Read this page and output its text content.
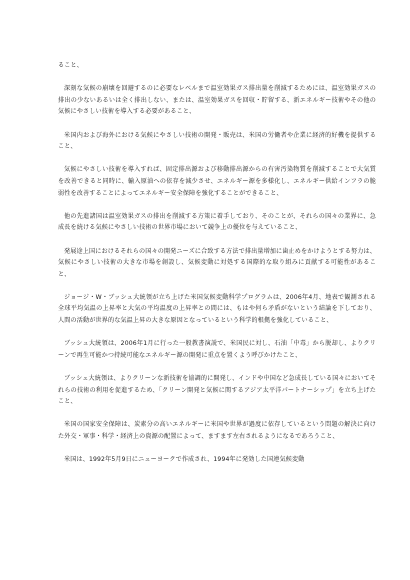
ること、

深刻な気候の崩壊を回避するのに必要なレベルまで温室効果ガス排出量を削減するためには、温室効果ガスの排出の少ないあるいは全く排出しない、または、温室効果ガスを回収・貯留する、新エネルギー技術やその他の気候にやさしい技術を導入する必要があること、

米国内および海外における気候にやさしい技術の開発・販売は、米国の労働者や企業に経済的好機を提供すること、

気候にやさしい技術を導入すれば、固定排出源および移動排出源からの有害汚染物質を削減することで大気質を改善できると同時に、輸入原油への依存を減少させ、エネルギー源を多様化し、エネルギー供給インフラの脆弱性を改善することによってエネルギー安全保障を強化することができること、

他の先進諸国は温室効果ガスの排出を削減する方策に着手しており、そのことが、それらの国々の業界に、急成長を続ける気候にやさしい技術の世界市場において競争上の優位を与えていること、

発展途上国におけるそれらの国々の開発ニーズに合致する方法で排出量増加に歯止めをかけようとする努力は、気候にやさしい技術の大きな市場を創設し、気候変動に対処する国際的な取り組みに貢献する可能性があること、

ジョージ・W・ブッシュ大統領が立ち上げた米国気候変動科学プログラムは、2006年4月、地表で観測される全球平均気温の上昇率と大気の平均温度の上昇率との間には、もはや何ら矛盾がないという結論を下しており、人間の活動が世界的な気温上昇の大きな原因となっているという科学的根拠を強化していること、

ブッシュ大統領は、2006年1月に行った一般教書演説で、米国民に対し、石油「中毒」から脱却し、よりクリーンで再生可能かつ持続可能なエネルギー源の開発に重点を置くよう呼びかけたこと、

ブッシュ大統領は、よりクリーンな新技術を協調的に開発し、インドや中国など急成長している国々においてそれらの技術の利用を促進するため、「クリーン開発と気候に関するアジア太平洋パートナーシップ」を立ち上げたこと、

米国の国家安全保障は、炭素分の高いエネルギーに米国や世界が過度に依存しているという問題の解決に向けた外交・軍事・科学・経済上の資源の配置によって、ますます左右されるようになるであろうこと、

米国は、1992年5月9日にニューヨークで作成され、1994年に発効した国連気候変動
